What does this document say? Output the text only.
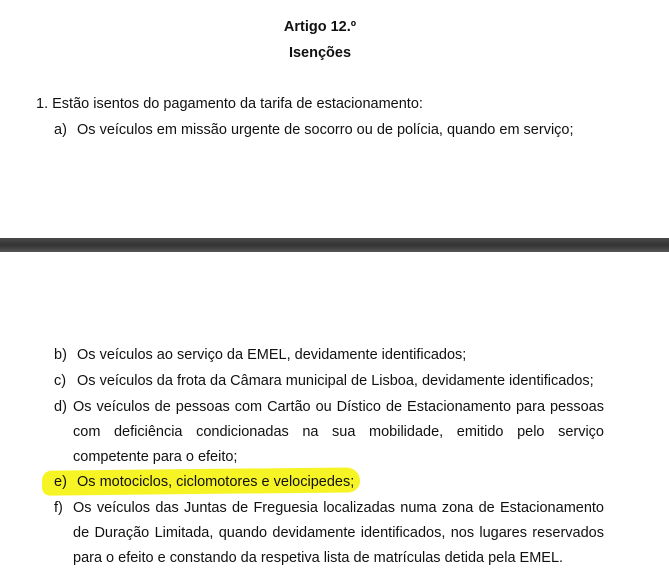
Artigo 12.º
Isenções
1. Estão isentos do pagamento da tarifa de estacionamento:
a) Os veículos em missão urgente de socorro ou de polícia, quando em serviço;
b) Os veículos ao serviço da EMEL, devidamente identificados;
c) Os veículos da frota da Câmara municipal de Lisboa, devidamente identificados;
d) Os veículos de pessoas com Cartão ou Dístico de Estacionamento para pessoas
com deficiência condicionadas na sua mobilidade, emitido pelo serviço
competente para o efeito;
e) Os motociclos, ciclomotores e velocipedes;
f) Os veículos das Juntas de Freguesia localizadas numa zona de Estacionamento
de Duração Limitada, quando devidamente identificados, nos lugares reservados
para o efeito e constando da respetiva lista de matrículas detida pela EMEL.
